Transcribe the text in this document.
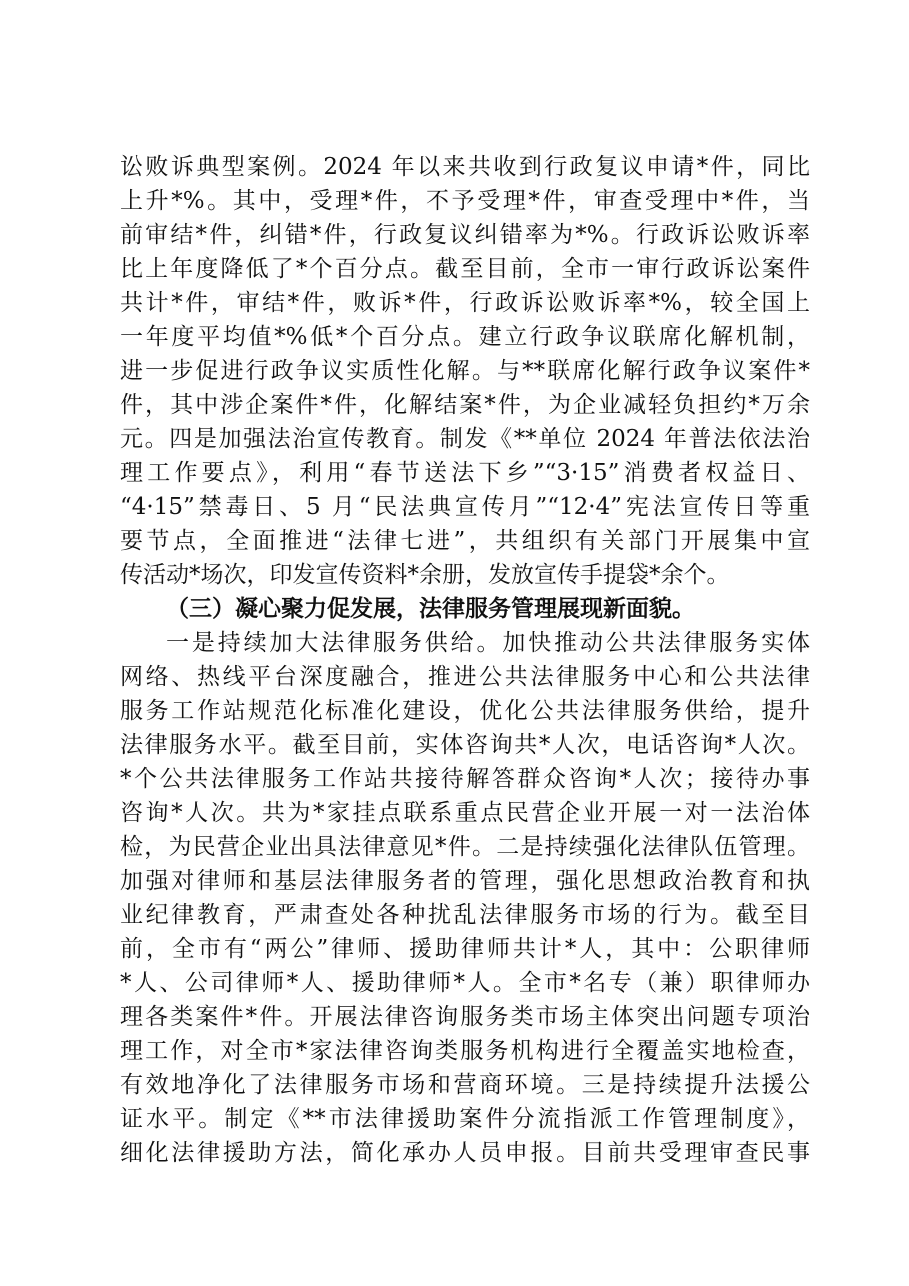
讼败诉典型案例。2024 年以来共收到行政复议申请*件，同比
上升*%。其中，受理*件，不予受理*件，审查受理中*件，当
前审结*件，纠错*件，行政复议纠错率为*%。行政诉讼败诉率
比上年度降低了*个百分点。截至目前，全市一审行政诉讼案件
共计*件，审结*件，败诉*件，行政诉讼败诉率*%，较全国上
一年度平均值*%低*个百分点。建立行政争议联席化解机制，
进一步促进行政争议实质性化解。与**联席化解行政争议案件*
件，其中涉企案件*件，化解结案*件，为企业减轻负担约*万余
元。四是加强法治宣传教育。制发《**单位 2024 年普法依法治
理工作要点》，利用“春节送法下乡”“3·15”消费者权益日、
“4·15”禁毒日、5 月“民法典宣传月”“12·4”宪法宣传日等重
要节点，全面推进“法律七进”，共组织有关部门开展集中宣
传活动*场次，印发宣传资料*余册，发放宣传手提袋*余个。
（三）凝心聚力促发展，法律服务管理展现新面貌。
一是持续加大法律服务供给。加快推动公共法律服务实体
网络、热线平台深度融合，推进公共法律服务中心和公共法律
服务工作站规范化标准化建设，优化公共法律服务供给，提升
法律服务水平。截至目前，实体咨询共*人次，电话咨询*人次。
*个公共法律服务工作站共接待解答群众咨询*人次；接待办事
咨询*人次。共为*家挂点联系重点民营企业开展一对一法治体
检，为民营企业出具法律意见*件。二是持续强化法律队伍管理。
加强对律师和基层法律服务者的管理，强化思想政治教育和执
业纪律教育，严肃查处各种扰乱法律服务市场的行为。截至目
前，全市有“两公”律师、援助律师共计*人，其中：公职律师
*人、公司律师*人、援助律师*人。全市*名专（兼）职律师办
理各类案件*件。开展法律咨询服务类市场主体突出问题专项治
理工作，对全市*家法律咨询类服务机构进行全覆盖实地检查，
有效地净化了法律服务市场和营商环境。三是持续提升法援公
证水平。制定《**市法律援助案件分流指派工作管理制度》，
细化法律援助方法，简化承办人员申报。目前共受理审查民事
